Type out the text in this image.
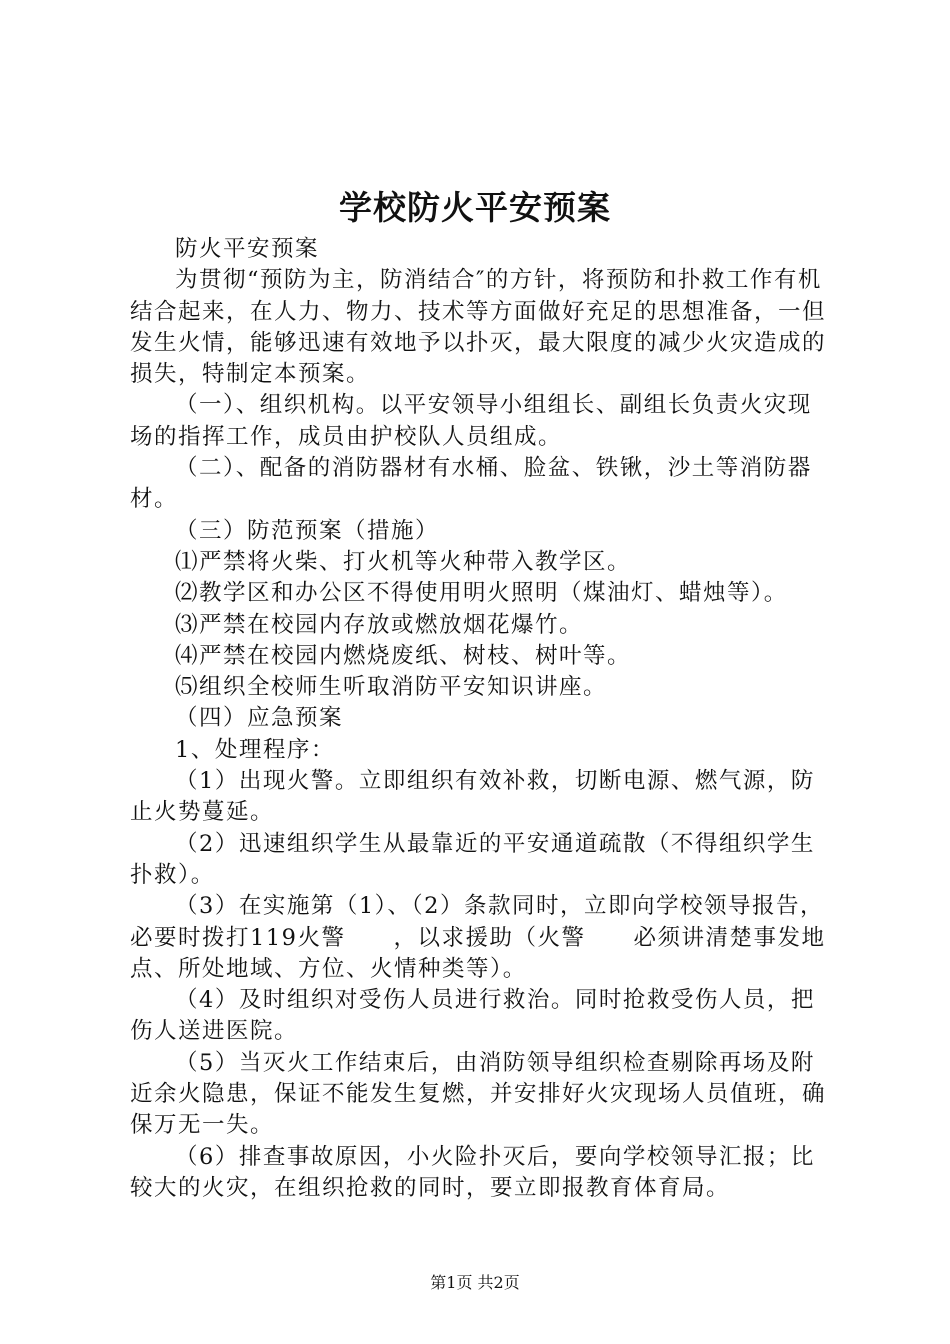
学校防火平安预案

防火平安预案

为贯彻“预防为主，防消结合″的方针，将预防和扑救工作有机结合起来，在人力、物力、技术等方面做好充足的思想准备，一但发生火情，能够迅速有效地予以扑灭，最大限度的减少火灾造成的损失，特制定本预案。

（一）、组织机构。以平安领导小组组长、副组长负责火灾现场的指挥工作，成员由护校队人员组成。

（二）、配备的消防器材有水桶、脸盆、铁锹，沙土等消防器材。

（三）防范预案（措施）

⑴严禁将火柴、打火机等火种带入教学区。

⑵教学区和办公区不得使用明火照明（煤油灯、蜡烛等）。

⑶严禁在校园内存放或燃放烟花爆竹。

⑷严禁在校园内燃烧废纸、树枝、树叶等。

⑸组织全校师生听取消防平安知识讲座。

（四）应急预案

1、处理程序：

（1）出现火警。立即组织有效补救，切断电源、燃气源，防止火势蔓延。

（2）迅速组织学生从最靠近的平安通道疏散（不得组织学生扑救）。

（3）在实施第（1）、（2）条款同时，立即向学校领导报告，必要时拨打119火警　　，以求援助（火警　　必须讲清楚事发地点、所处地域、方位、火情种类等）。

（4）及时组织对受伤人员进行救治。同时抢救受伤人员，把伤人送进医院。

（5）当灭火工作结束后，由消防领导组织检查剔除再场及附近余火隐患，保证不能发生复燃，并安排好火灾现场人员值班，确保万无一失。

（6）排查事故原因，小火险扑灭后，要向学校领导汇报；比较大的火灾，在组织抢救的同时，要立即报教育体育局。

第1页 共2页
